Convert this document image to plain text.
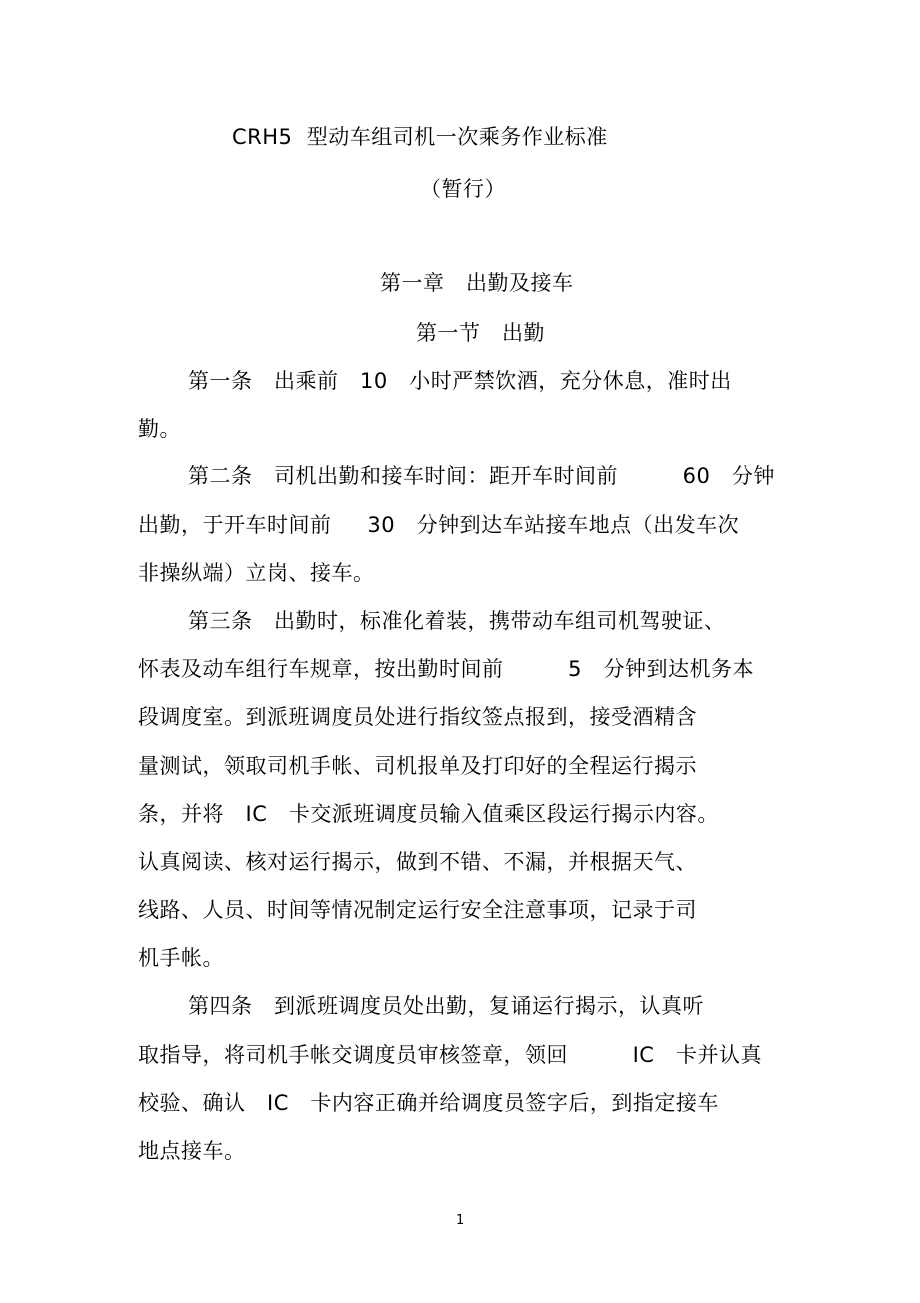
CRH5  型动车组司机一次乘务作业标准
（暂行）
第一章   出勤及接车
第一节   出勤
第一条   出乘前   10   小时严禁饮酒，充分休息，准时出
勤。
第二条   司机出勤和接车时间：距开车时间前         60   分钟
出勤，于开车时间前     30   分钟到达车站接车地点（出发车次
非操纵端）立岗、接车。
第三条   出勤时，标准化着装，携带动车组司机驾驶证、
怀表及动车组行车规章，按出勤时间前         5   分钟到达机务本
段调度室。到派班调度员处进行指纹签点报到，接受酒精含
量测试，领取司机手帐、司机报单及打印好的全程运行揭示
条，并将   IC   卡交派班调度员输入值乘区段运行揭示内容。
认真阅读、核对运行揭示，做到不错、不漏，并根据天气、
线路、人员、时间等情况制定运行安全注意事项，记录于司
机手帐。
第四条   到派班调度员处出勤，复诵运行揭示，认真听
取指导，将司机手帐交调度员审核签章，领回         IC   卡并认真
校验、确认   IC   卡内容正确并给调度员签字后，到指定接车
地点接车。
1
